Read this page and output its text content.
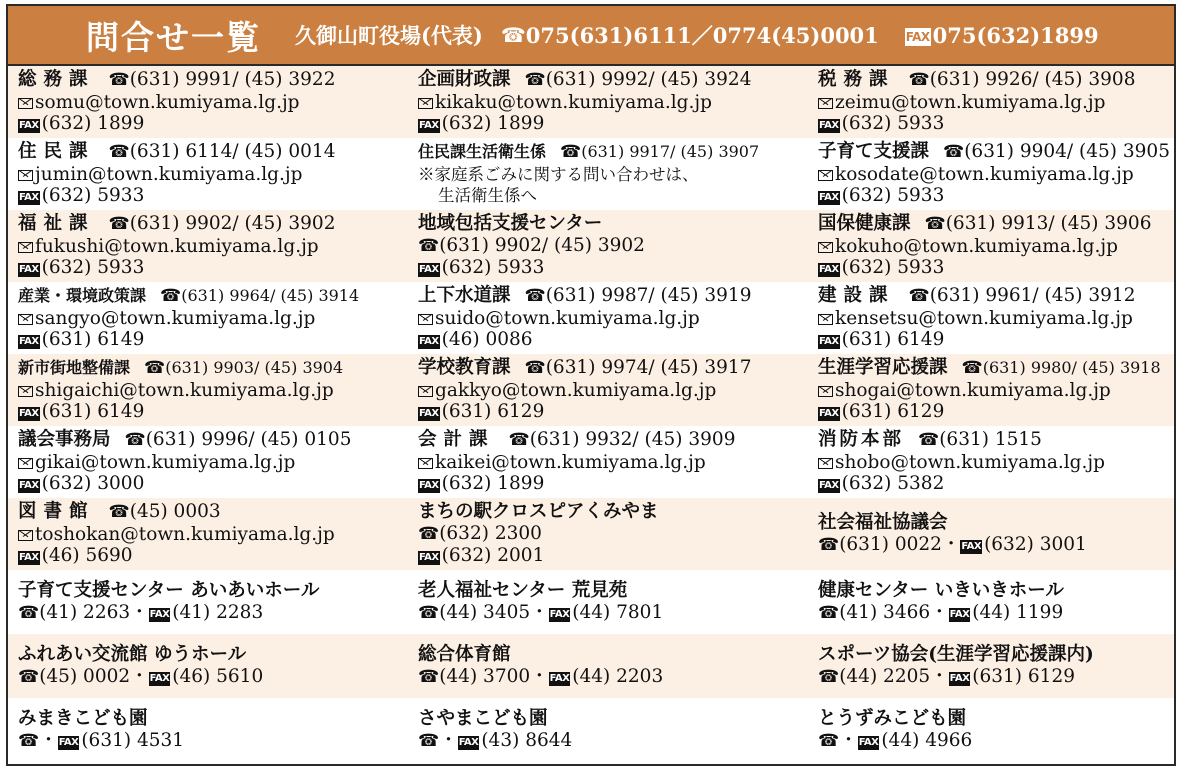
問合せ一覧 久御山町役場(代表) ☎ 075(631)6111／0774(45)0001 FAX 075(632)1899
総務課 ☎(631) 9991/ (45) 3922
somu@town.kumiyama.lg.jp
FAX (632) 1899
企画財政課 ☎(631) 9992/ (45) 3924
kikaku@town.kumiyama.lg.jp
FAX (632) 1899
税務課 ☎(631) 9926/ (45) 3908
zeimu@town.kumiyama.lg.jp
FAX (632) 5933
住民課 ☎(631) 6114/ (45) 0014
jumin@town.kumiyama.lg.jp
FAX (632) 5933
住民課生活衛生係 ☎(631) 9917/ (45) 3907
※家庭系ごみに関する問い合わせは、
生活衛生係へ
子育て支援課 ☎(631) 9904/ (45) 3905
kosodate@town.kumiyama.lg.jp
FAX (632) 5933
福祉課 ☎(631) 9902/ (45) 3902
fukushi@town.kumiyama.lg.jp
FAX (632) 5933
地域包括支援センター
☎(631) 9902/ (45) 3902
FAX (632) 5933
国保健康課 ☎(631) 9913/ (45) 3906
kokuho@town.kumiyama.lg.jp
FAX (632) 5933
産業・環境政策課 ☎(631) 9964/ (45) 3914
sangyo@town.kumiyama.lg.jp
FAX (631) 6149
上下水道課 ☎(631) 9987/ (45) 3919
suido@town.kumiyama.lg.jp
FAX (46) 0086
建設課 ☎(631) 9961/ (45) 3912
kensetsu@town.kumiyama.lg.jp
FAX (631) 6149
新市街地整備課 ☎(631) 9903/ (45) 3904
shigaichi@town.kumiyama.lg.jp
FAX (631) 6149
学校教育課 ☎(631) 9974/ (45) 3917
gakkyo@town.kumiyama.lg.jp
FAX (631) 6129
生涯学習応援課 ☎(631) 9980/ (45) 3918
shogai@town.kumiyama.lg.jp
FAX (631) 6129
議会事務局 ☎(631) 9996/ (45) 0105
gikai@town.kumiyama.lg.jp
FAX (632) 3000
会計課 ☎(631) 9932/ (45) 3909
kaikei@town.kumiyama.lg.jp
FAX (632) 1899
消防本部 ☎(631) 1515
shobo@town.kumiyama.lg.jp
FAX (632) 5382
図書館 ☎(45) 0003
toshokan@town.kumiyama.lg.jp
FAX (46) 5690
まちの駅クロスピアくみやま
☎(632) 2300
FAX (632) 2001
社会福祉協議会
☎(631) 0022・FAX (632) 3001
子育て支援センター あいあいホール
☎(41) 2263・FAX (41) 2283
老人福祉センター 荒見苑
☎(44) 3405・FAX (44) 7801
健康センター いきいきホール
☎(41) 3466・FAX (44) 1199
ふれあい交流館 ゆうホール
☎(45) 0002・FAX (46) 5610
総合体育館
☎(44) 3700・FAX (44) 2203
スポーツ協会(生涯学習応援課内)
☎(44) 2205・FAX (631) 6129
みまきこども園
☎・FAX (631) 4531
さやまこども園
☎・FAX (43) 8644
とうずみこども園
☎・FAX (44) 4966
